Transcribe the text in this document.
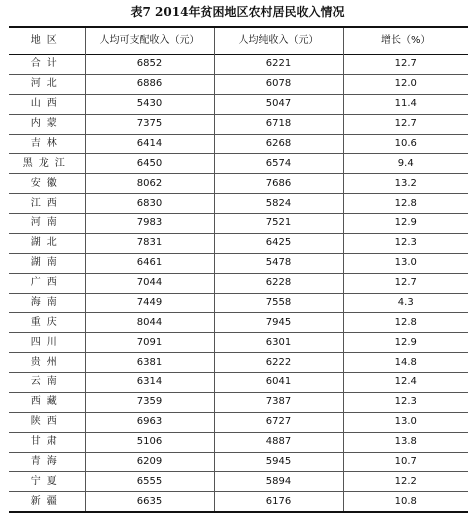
表7 2014年贫困地区农村居民收入情况
地区	人均可支配收入（元）	人均纯收入（元）	增长（%）
合计	6852	6221	12.7
河北	6886	6078	12.0
山西	5430	5047	11.4
内蒙	7375	6718	12.7
吉林	6414	6268	10.6
黑龙江	6450	6574	9.4
安徽	8062	7686	13.2
江西	6830	5824	12.8
河南	7983	7521	12.9
湖北	7831	6425	12.3
湖南	6461	5478	13.0
广西	7044	6228	12.7
海南	7449	7558	4.3
重庆	8044	7945	12.8
四川	7091	6301	12.9
贵州	6381	6222	14.8
云南	6314	6041	12.4
西藏	7359	7387	12.3
陕西	6963	6727	13.0
甘肃	5106	4887	13.8
青海	6209	5945	10.7
宁夏	6555	5894	12.2
新疆	6635	6176	10.8
